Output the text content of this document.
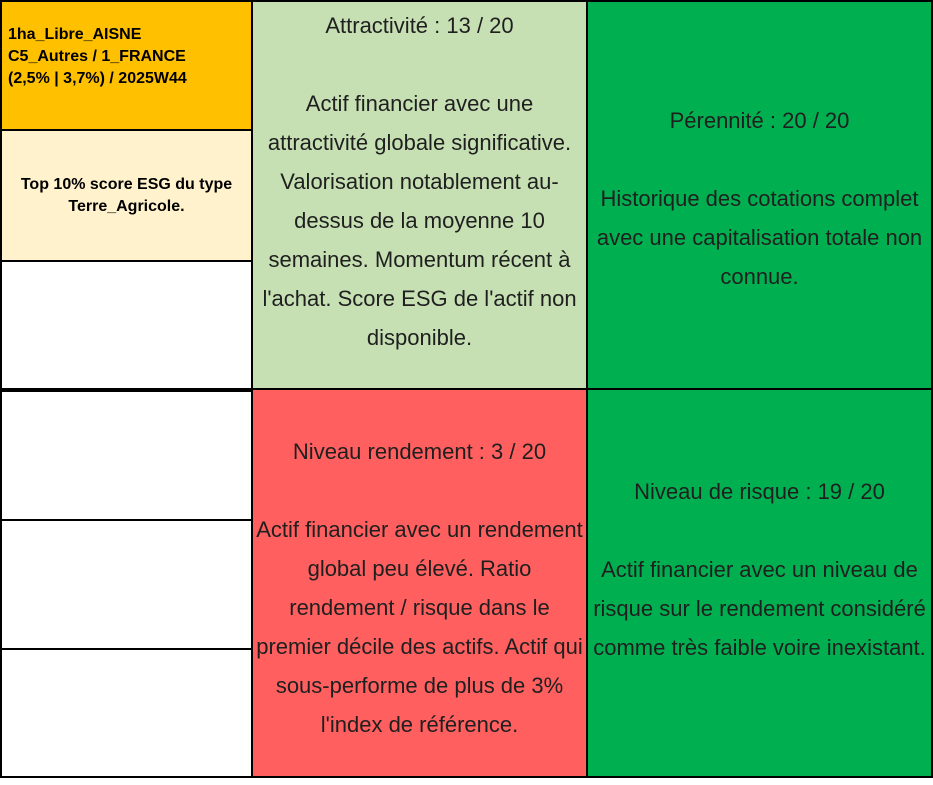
1ha_Libre_AISNE
C5_Autres / 1_FRANCE
(2,5% | 3,7%) / 2025W44
Top 10% score ESG du type Terre_Agricole.
Attractivité : 13 / 20
Actif financier avec une attractivité globale significative. Valorisation notablement au-dessus de la moyenne 10 semaines. Momentum récent à l'achat. Score ESG de l'actif non disponible.
Pérennité : 20 / 20
Historique des cotations complet avec une capitalisation totale non connue.
Niveau rendement : 3 / 20
Actif financier avec un rendement global peu élevé. Ratio rendement / risque dans le premier décile des actifs. Actif qui sous-performe de plus de 3% l'index de référence.
Niveau de risque : 19 / 20
Actif financier avec un niveau de risque sur le rendement considéré comme très faible voire inexistant.
